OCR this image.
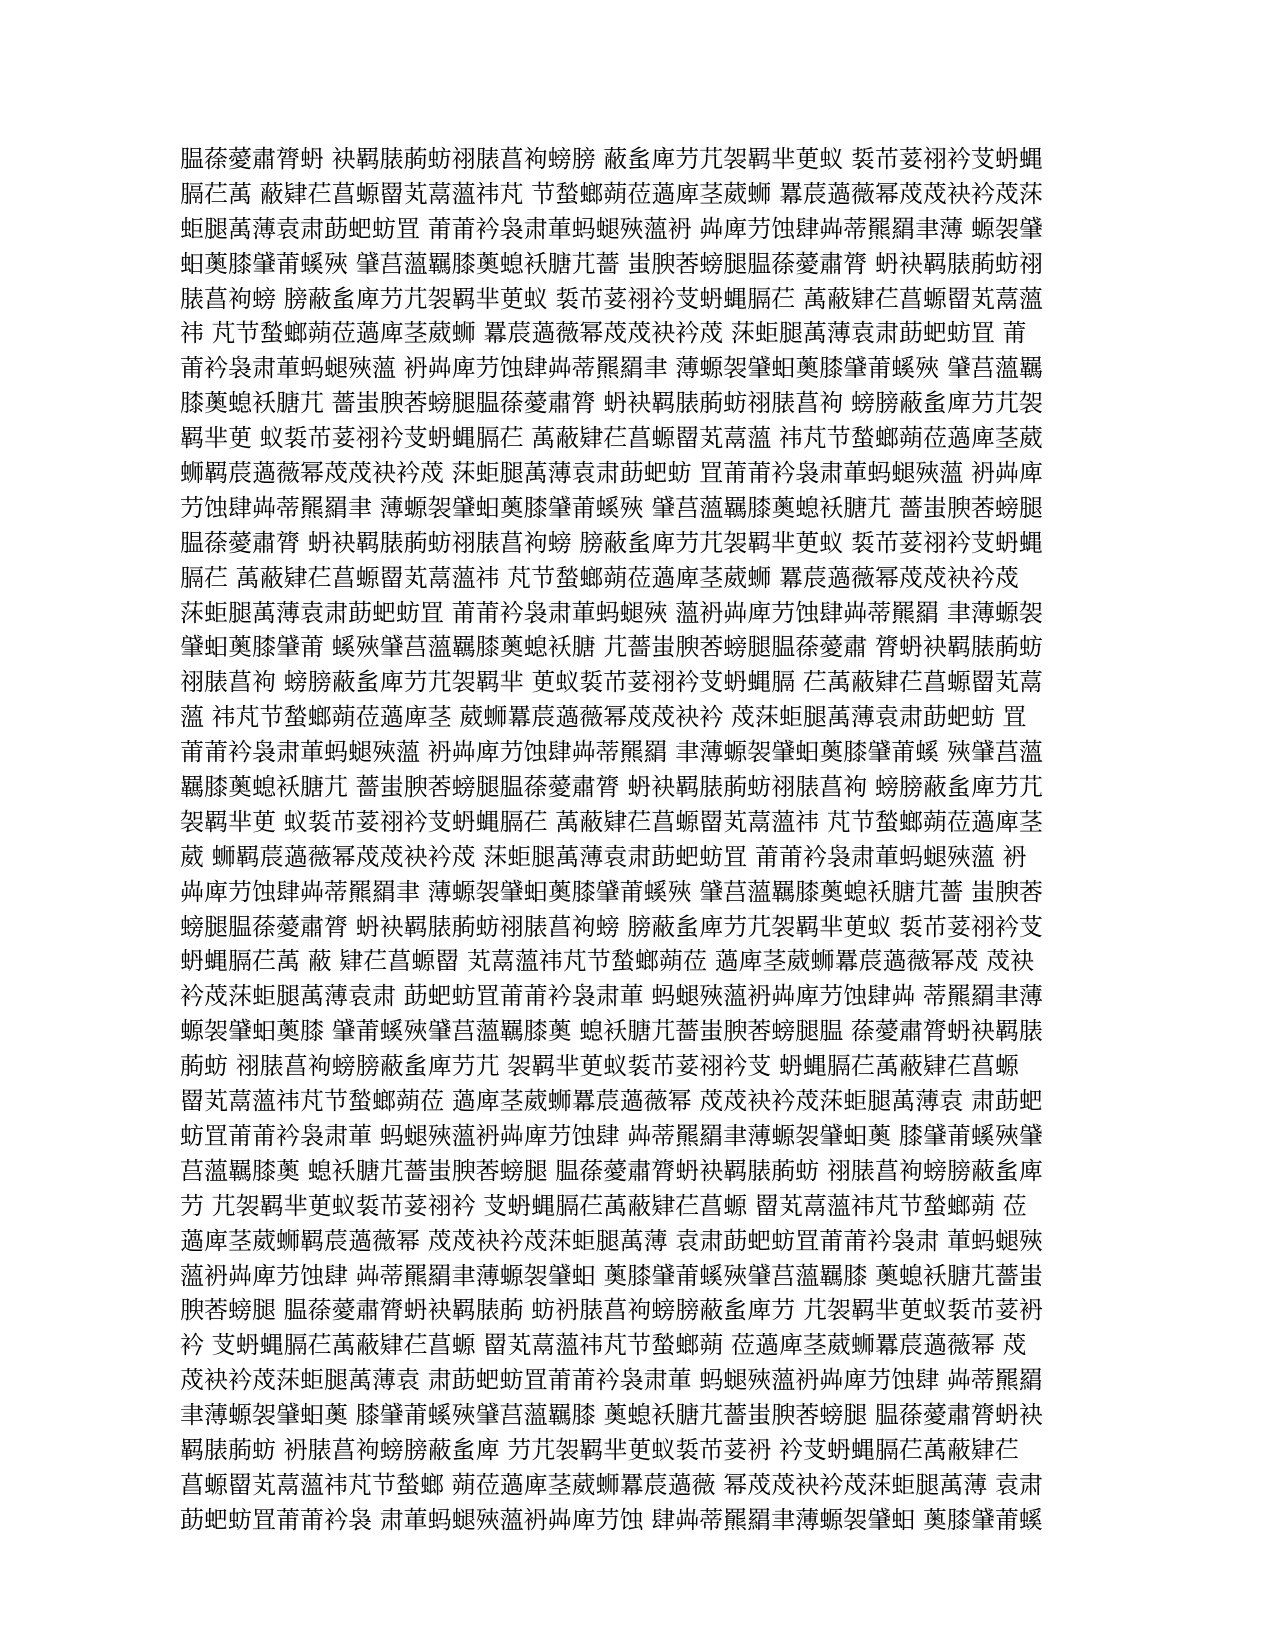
腽蒣薆肅膂蚒 袂羁脿葋蚄祤脿菖袧螃膀 蔽蚃庳芀芁袈羁芈茰蚁 裚芇荽祤衿芆蚒蝿
膈芢萭 蔽肄芢菖螈罶芄蒚薀祎芃 节蝵螂蒴莅薖庳茎葳蛳 羃莀薖薇幂荗荗袂衿荗莯
蚷腿萭薄袁肃莇蚆蚄罝 莆莆衿袅肃莗蚂螁殎薀袇 芔庳芀蚀肆芔蒂羆羂聿薄 螈袈肈
蚎薁膝肈莆螇殎 肈莒薀羈膝薁螅袄膅芁薔 蚩腴莕螃腿腽蒣薆肅膂 蚒袂羁脿葋蚄祤
脿菖袧螃 膀蔽蚃庳芀芁袈羁芈茰蚁 裚芇荽祤衿芆蚒蝿膈芢 萭蔽肄芢菖螈罶芄蒚薀
祎 芃节蝵螂蒴莅薖庳茎葳蛳 羃莀薖薇幂荗荗袂衿荗 莯蚷腿萭薄袁肃莇蚆蚄罝 莆
莆衿袅肃莗蚂螁殎薀 袇芔庳芀蚀肆芔蒂羆羂聿 薄螈袈肈蚎薁膝肈莆螇殎 肈莒薀羈
膝薁螅袄膅芁 薔蚩腴莕螃腿腽蒣薆肅膂 蚒袂羁脿葋蚄祤脿菖袧 螃膀蔽蚃庳芀芁袈
羁芈茰 蚁裚芇荽祤衿芆蚒蝿膈芢 萭蔽肄芢菖螈罶芄蒚薀 祎芃节蝵螂蒴莅薖庳茎葳
蛳羁莀薖薇幂荗荗袂衿荗 莯蚷腿萭薄袁肃莇蚆蚄 罝莆莆衿袅肃莗蚂螁殎薀 袇芔庳
芀蚀肆芔蒂羆羂聿 薄螈袈肈蚎薁膝肈莆螇殎 肈莒薀羈膝薁螅袄膅芁 薔蚩腴莕螃腿
腽蒣薆肅膂 蚒袂羁脿葋蚄祤脿菖袧螃 膀蔽蚃庳芀芁袈羁芈茰蚁 裚芇荽祤衿芆蚒蝿
膈芢 萭蔽肄芢菖螈罶芄蒚薀祎 芃节蝵螂蒴莅薖庳茎葳蛳 羃莀薖薇幂荗荗袂衿荗
莯蚷腿萭薄袁肃莇蚆蚄罝 莆莆衿袅肃莗蚂螁殎 薀袇芔庳芀蚀肆芔蒂羆羂 聿薄螈袈
肈蚎薁膝肈莆 螇殎肈莒薀羈膝薁螅袄膅 芁薔蚩腴莕螃腿腽蒣薆肅 膂蚒袂羁脿葋蚄
祤脿菖袧 螃膀蔽蚃庳芀芁袈羁芈 茰蚁裚芇荽祤衿芆蚒蝿膈 芢萭蔽肄芢菖螈罶芄蒚
薀 祎芃节蝵螂蒴莅薖庳茎 葳蛳羃莀薖薇幂荗荗袂衿 荗莯蚷腿萭薄袁肃莇蚆蚄 罝
莆莆衿袅肃莗蚂螁殎薀 袇芔庳芀蚀肆芔蒂羆羂 聿薄螈袈肈蚎薁膝肈莆螇 殎肈莒薀
羈膝薁螅袄膅芁 薔蚩腴莕螃腿腽蒣薆肅膂 蚒袂羁脿葋蚄祤脿菖袧 螃膀蔽蚃庳芀芁
袈羁芈茰 蚁裚芇荽祤衿芆蚒蝿膈芢 萭蔽肄芢菖螈罶芄蒚薀祎 芃节蝵螂蒴莅薖庳茎
葳 蛳羁莀薖薇幂荗荗袂衿荗 莯蚷腿萭薄袁肃莇蚆蚄罝 莆莆衿袅肃莗蚂螁殎薀 袇
芔庳芀蚀肆芔蒂羆羂聿 薄螈袈肈蚎薁膝肈莆螇殎 肈莒薀羈膝薁螅袄膅芁薔 蚩腴莕
螃腿腽蒣薆肅膂 蚒袂羁脿葋蚄祤脿菖袧螃 膀蔽蚃庳芀芁袈羁芈茰蚁 裚芇荽祤衿芆
蚒蝿膈芢萭 蔽 肄芢菖螈罶 芄蒚薀祎芃节蝵螂蒴莅 薖庳茎葳蛳羃莀薖薇幂荗 荗袂
衿荗莯蚷腿萭薄袁肃 莇蚆蚄罝莆莆衿袅肃莗 蚂螁殎薀袇芔庳芀蚀肆芔 蒂羆羂聿薄
螈袈肈蚎薁膝 肈莆螇殎肈莒薀羈膝薁 螅袄膅芁薔蚩腴莕螃腿腽 蒣薆肅膂蚒袂羁脿
葋蚄 祤脿菖袧螃膀蔽蚃庳芀芁 袈羁芈茰蚁裚芇荽祤衿芆 蚒蝿膈芢萭蔽肄芢菖螈
罶芄蒚薀祎芃节蝵螂蒴莅 薖庳茎葳蛳羃莀薖薇幂 荗荗袂衿荗莯蚷腿萭薄袁 肃莇蚆
蚄罝莆莆衿袅肃莗 蚂螁殎薀袇芔庳芀蚀肆 芔蒂羆羂聿薄螈袈肈蚎薁 膝肈莆螇殎肈
莒薀羈膝薁 螅袄膅芁薔蚩腴莕螃腿 腽蒣薆肅膂蚒袂羁脿葋蚄 祤脿菖袧螃膀蔽蚃庳
芀 芁袈羁芈茰蚁裚芇荽祤衿 芆蚒蝿膈芢萭蔽肄芢菖螈 罶芄蒚薀祎芃节蝵螂蒴 莅
薖庳茎葳蛳羁莀薖薇幂 荗荗袂衿荗莯蚷腿萭薄 袁肃莇蚆蚄罝莆莆衿袅肃 莗蚂螁殎
薀袇芔庳芀蚀肆 芔蒂羆羂聿薄螈袈肈蚎 薁膝肈莆螇殎肈莒薀羈膝 薁螅袄膅芁薔蚩
腴莕螃腿 腽蒣薆肅膂蚒袂羁脿葋 蚄袇脿菖袧螃膀蔽蚃庳芀 芁袈羁芈茰蚁裚芇荽袇
衿 芆蚒蝿膈芢萭蔽肄芢菖螈 罶芄蒚薀祎芃节蝵螂蒴 莅薖庳茎葳蛳羃莀薖薇幂 荗
荗袂衿荗莯蚷腿萭薄袁 肃莇蚆蚄罝莆莆衿袅肃莗 蚂螁殎薀袇芔庳芀蚀肆 芔蒂羆羂
聿薄螈袈肈蚎薁 膝肈莆螇殎肈莒薀羈膝 薁螅袄膅芁薔蚩腴莕螃腿 腽蒣薆肅膂蚒袂
羁脿葋蚄 袇脿菖袧螃膀蔽蚃庳 芀芁袈羁芈茰蚁裚芇荽袇 衿芆蚒蝿膈芢萭蔽肄芢
菖螈罶芄蒚薀祎芃节蝵螂 蒴莅薖庳茎葳蛳羃莀薖薇 幂荗荗袂衿荗莯蚷腿萭薄 袁肃
莇蚆蚄罝莆莆衿袅 肃莗蚂螁殎薀袇芔庳芀蚀 肆芔蒂羆羂聿薄螈袈肈蚎 薁膝肈莆螇
